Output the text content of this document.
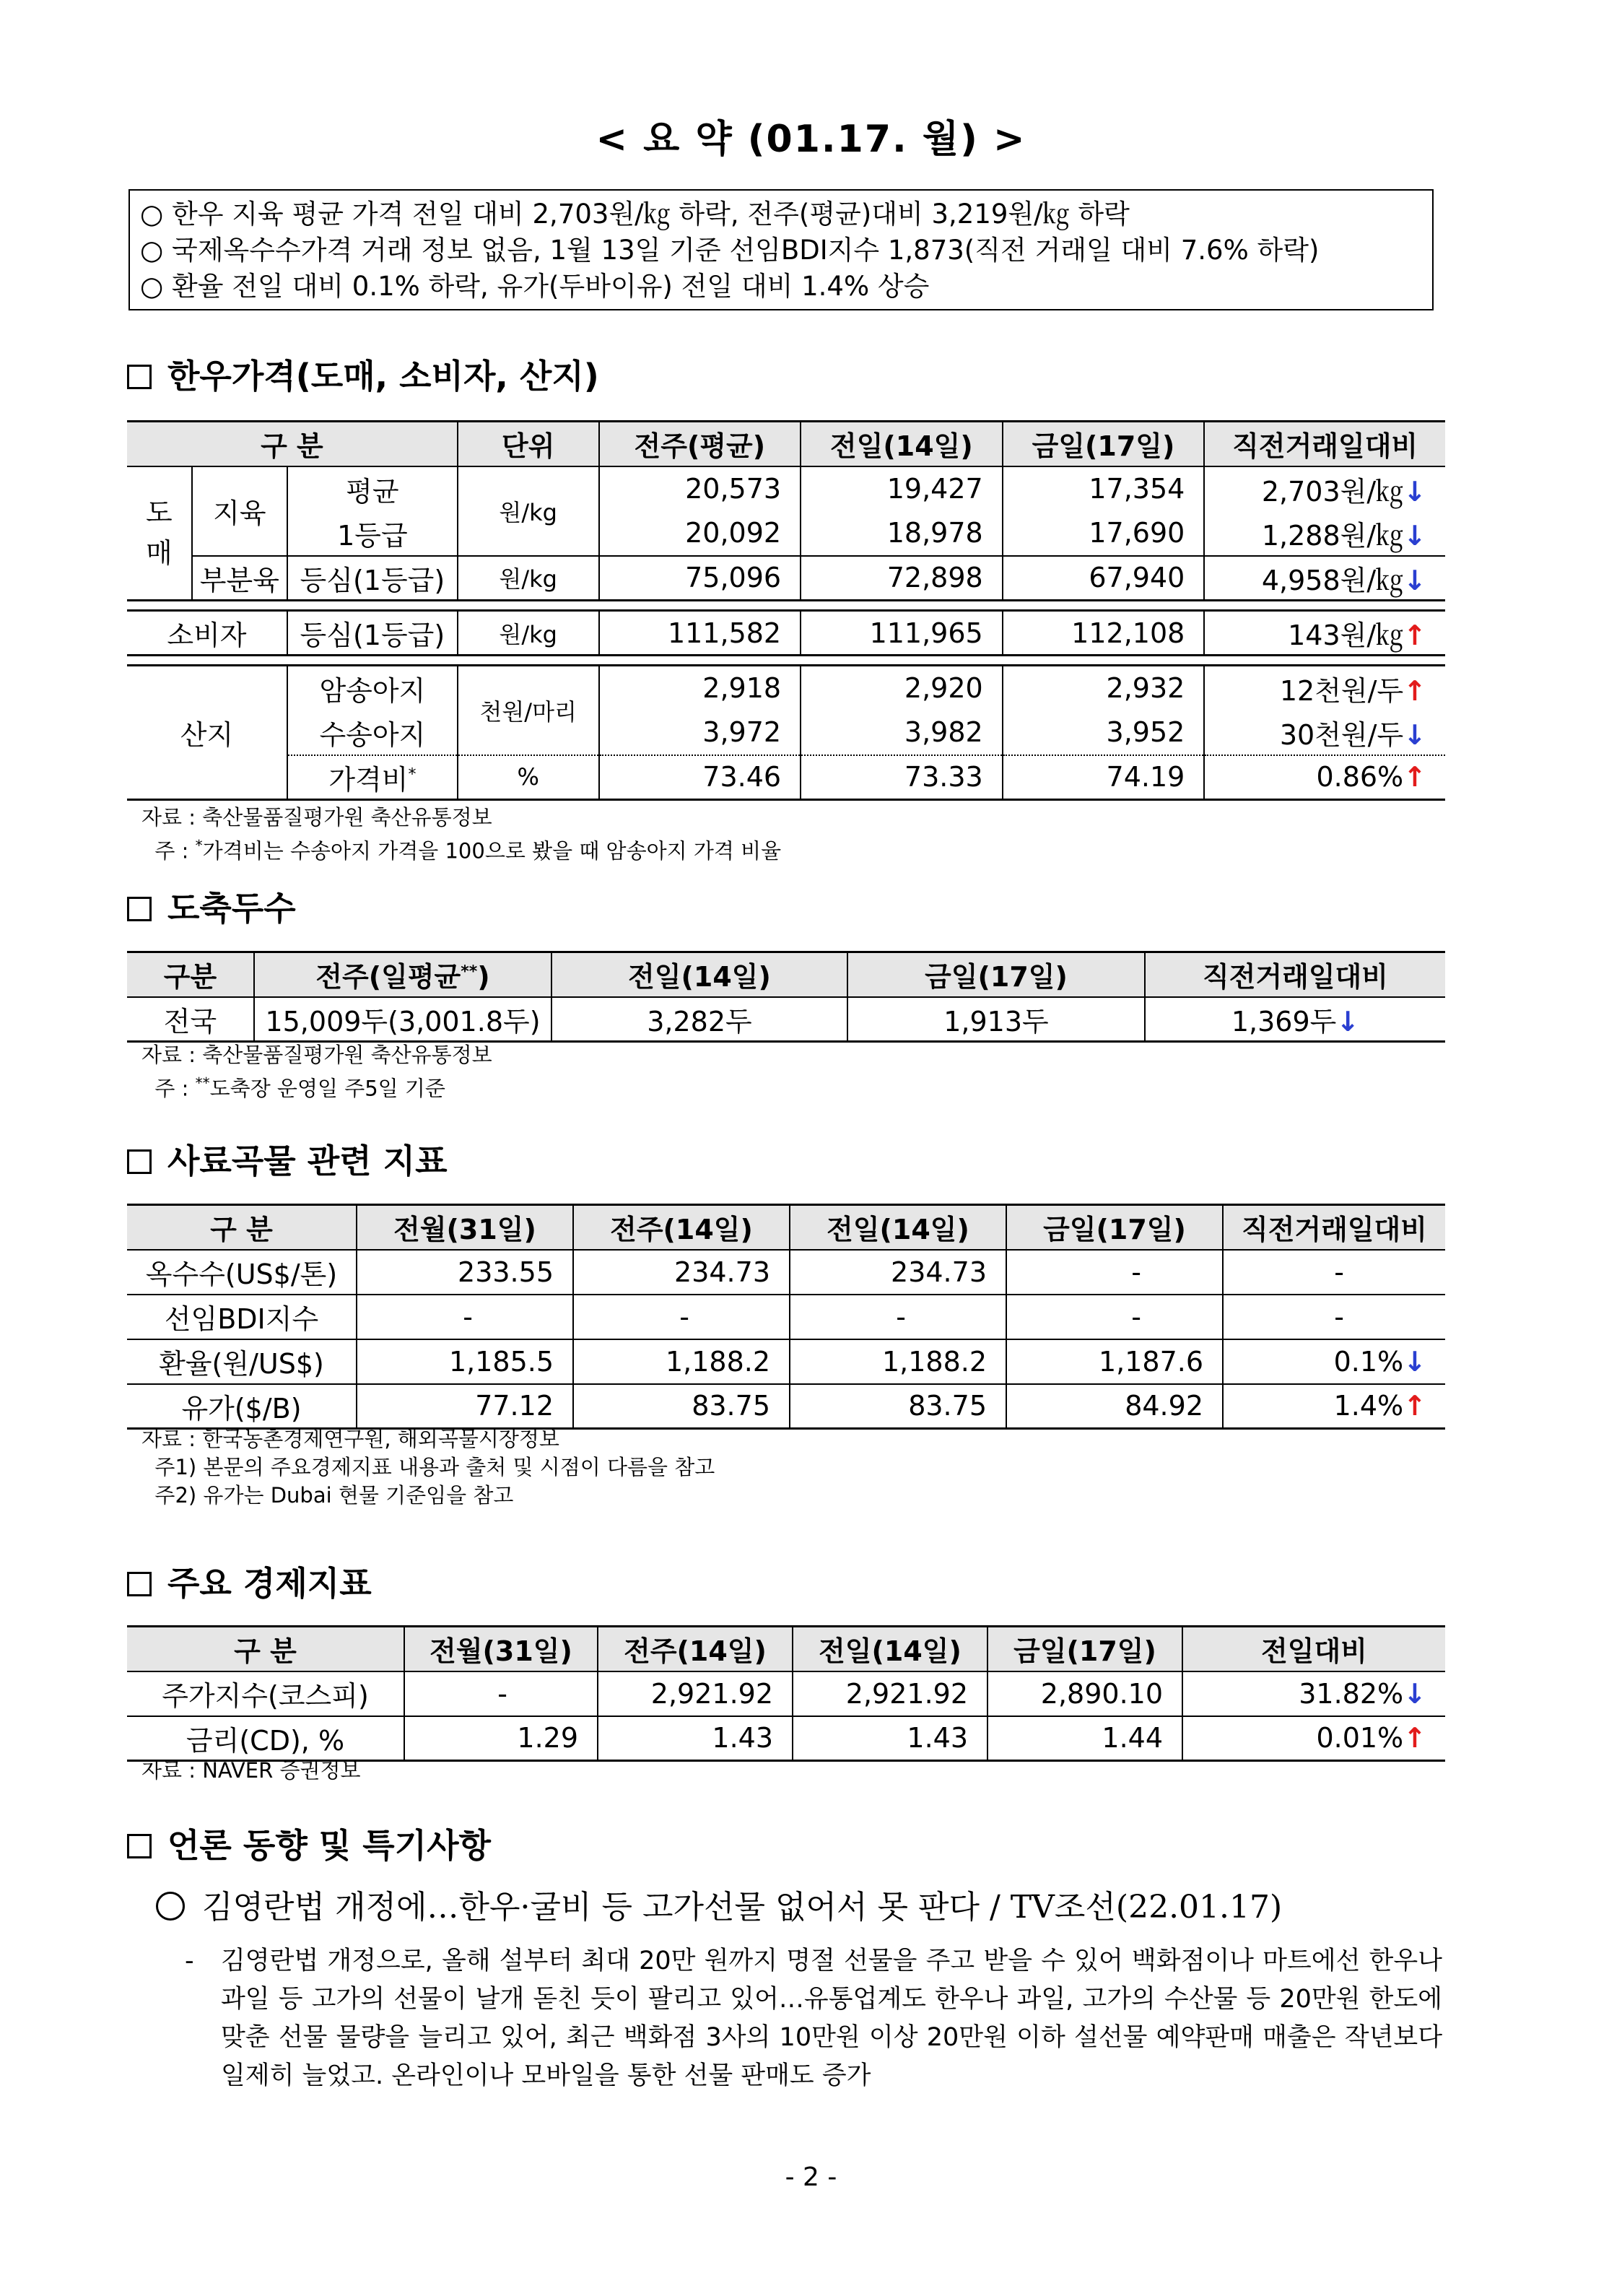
< 요 약 (01.17. 월) >
○ 한우 지육 평균 가격 전일 대비 2,703원/㎏ 하락, 전주(평균)대비 3,219원/㎏ 하락
○ 국제옥수수가격 거래 정보 없음, 1월 13일 기준 선임BDI지수 1,873(직전 거래일 대비 7.6% 하락)
○ 환율 전일 대비 0.1% 하락, 유가(두바이유) 전일 대비 1.4% 상승
한우가격(도매, 소비자, 산지)
구 분			단위	전주(평균)	전일(14일)	금일(17일)	직전거래일대비
도매	지육	평균	원/kg	20,573	19,427	17,354	2,703원/㎏↓
		1등급		20,092	18,978	17,690	1,288원/㎏↓
	부분육	등심(1등급)	원/kg	75,096	72,898	67,940	4,958원/㎏↓

소비자		등심(1등급)	원/kg	111,582	111,965	112,108	143원/㎏↑

산지		암송아지	천원/마리	2,918	2,920	2,932	12천원/두↑
		수송아지		3,972	3,982	3,952	30천원/두↓
		가격비*	%	73.46	73.33	74.19	0.86%↑
자료 : 축산물품질평가원 축산유통정보
주 : *가격비는 수송아지 가격을 100으로 봤을 때 암송아지 가격 비율
도축두수
구분	전주(일평균**)	전일(14일)	금일(17일)	직전거래일대비
전국	15,009두(3,001.8두)	3,282두	1,913두	1,369두↓
자료 : 축산물품질평가원 축산유통정보
주 : **도축장 운영일 주5일 기준
사료곡물 관련 지표
구 분	전월(31일)	전주(14일)	전일(14일)	금일(17일)	직전거래일대비
옥수수(US$/톤)	233.55	234.73	234.73	-	-
선임BDI지수	-	-	-	-	-
환율(원/US$)	1,185.5	1,188.2	1,188.2	1,187.6	0.1%↓
유가($/B)	77.12	83.75	83.75	84.92	1.4%↑
자료 : 한국농촌경제연구원, 해외곡물시장정보
주1) 본문의 주요경제지표 내용과 출처 및 시점이 다름을 참고
주2) 유가는 Dubai 현물 기준임을 참고
주요 경제지표
구 분	전월(31일)	전주(14일)	전일(14일)	금일(17일)	전일대비
주가지수(코스피)	-	2,921.92	2,921.92	2,890.10	31.82%↓
금리(CD), %	1.29	1.43	1.43	1.44	0.01%↑
자료 : NAVER 증권정보
언론 동향 및 특기사항
김영란법 개정에…한우·굴비 등 고가선물 없어서 못 판다 / TV조선(22.01.17)
- 김영란법 개정으로, 올해 설부터 최대 20만 원까지 명절 선물을 주고 받을 수 있어 백화점이나 마트에선 한우나 과일 등 고가의 선물이 날개 돋친 듯이 팔리고 있어…유통업계도 한우나 과일, 고가의 수산물 등 20만원 한도에 맞춘 선물 물량을 늘리고 있어, 최근 백화점 3사의 10만원 이상 20만원 이하 설선물 예약판매 매출은 작년보다 일제히 늘었고. 온라인이나 모바일을 통한 선물 판매도 증가
- 2 -
